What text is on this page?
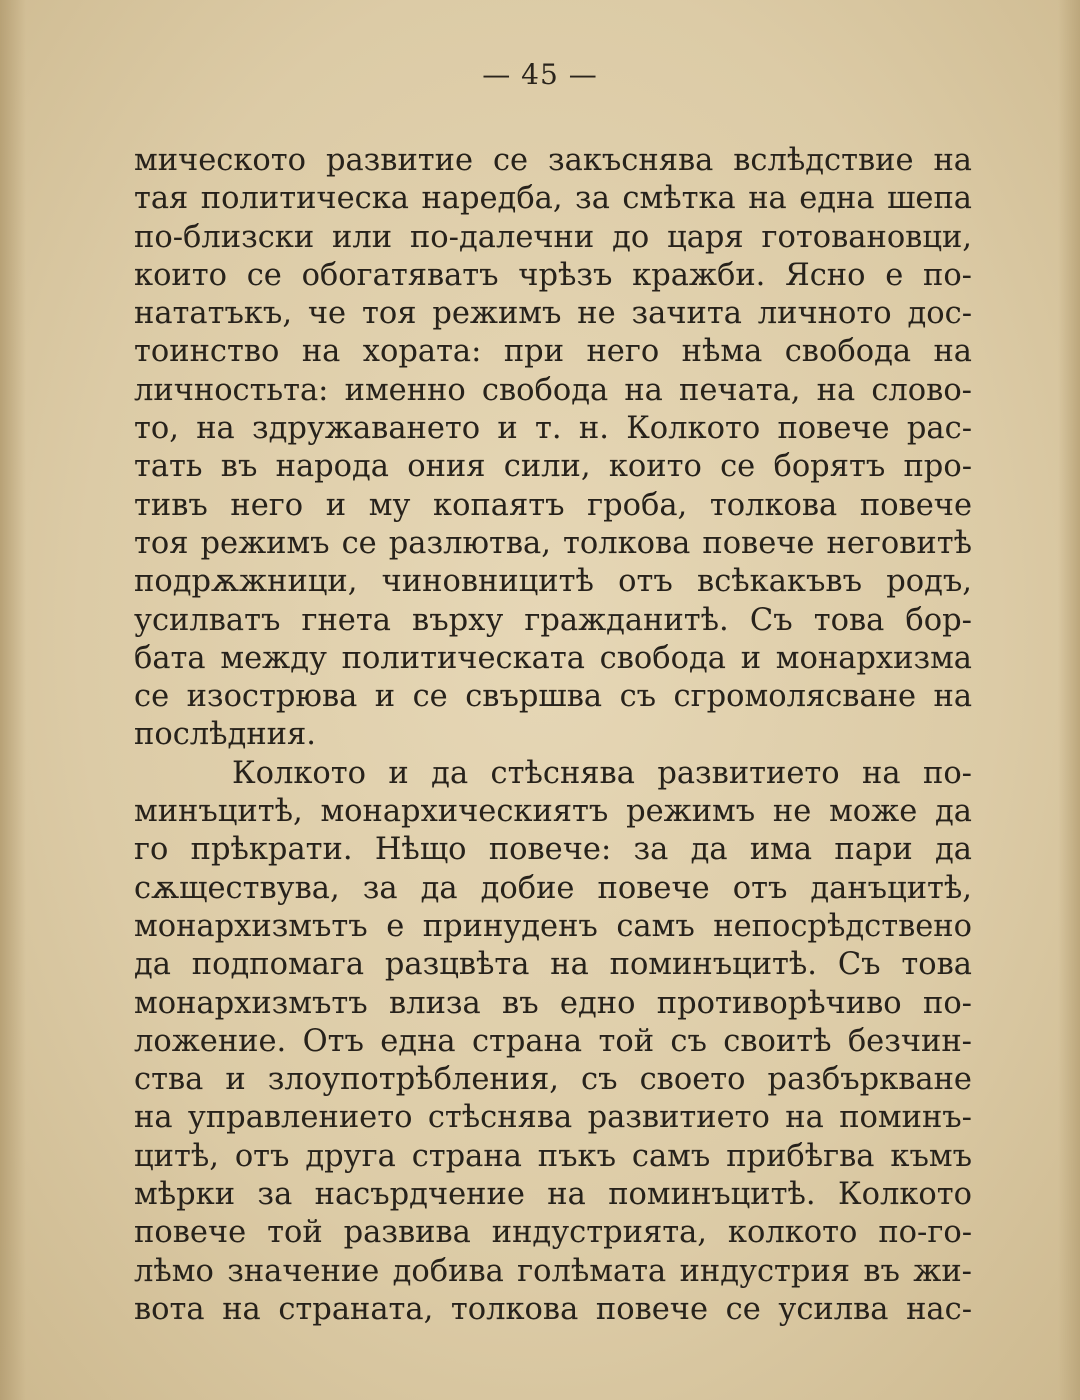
— 45 —
мическото развитие се закъснява вслѣдствие на
тая политическа наредба, за смѣтка на една шепа
по-близски или по-далечни до царя готовановци,
които се обогатяватъ чрѣзъ кражби. Ясно е по-
нататъкъ, че тоя режимъ не зачита личното дос-
тоинство на хората: при него нѣма свобода на
личностьта: именно свобода на печата, на слово-
то, на здружаването и т. н. Колкото повече рас-
тать въ народа ония сили, които се борятъ про-
тивъ него и му копаятъ гроба, толкова повече
тоя режимъ се разлютва, толкова повече неговитѣ
подрѫжници, чиновницитѣ отъ всѣкакъвъ родъ,
усилватъ гнета върху гражданитѣ. Съ това бор-
бата между политическата свобода и монархизма
се изострюва и се свършва съ сгромолясване на
послѣдния.
Колкото и да стѣснява развитието на по-
минъцитѣ, монархическиятъ режимъ не може да
го прѣкрати. Нѣщо повече: за да има пари да
сѫществува, за да добие повече отъ данъцитѣ,
монархизмътъ е принуденъ самъ непосрѣдствено
да подпомага разцвѣта на поминъцитѣ. Съ това
монархизмътъ влиза въ едно противорѣчиво по-
ложение. Отъ една страна той съ своитѣ безчин-
ства и злоупотрѣбления, съ своето разбъркване
на управлението стѣснява развитието на поминъ-
цитѣ, отъ друга страна пъкъ самъ прибѣгва къмъ
мѣрки за насърдчение на поминъцитѣ. Колкото
повече той развива индустрията, колкото по-го-
лѣмо значение добива голѣмата индустрия въ жи-
вота на страната, толкова повече се усилва нас-
